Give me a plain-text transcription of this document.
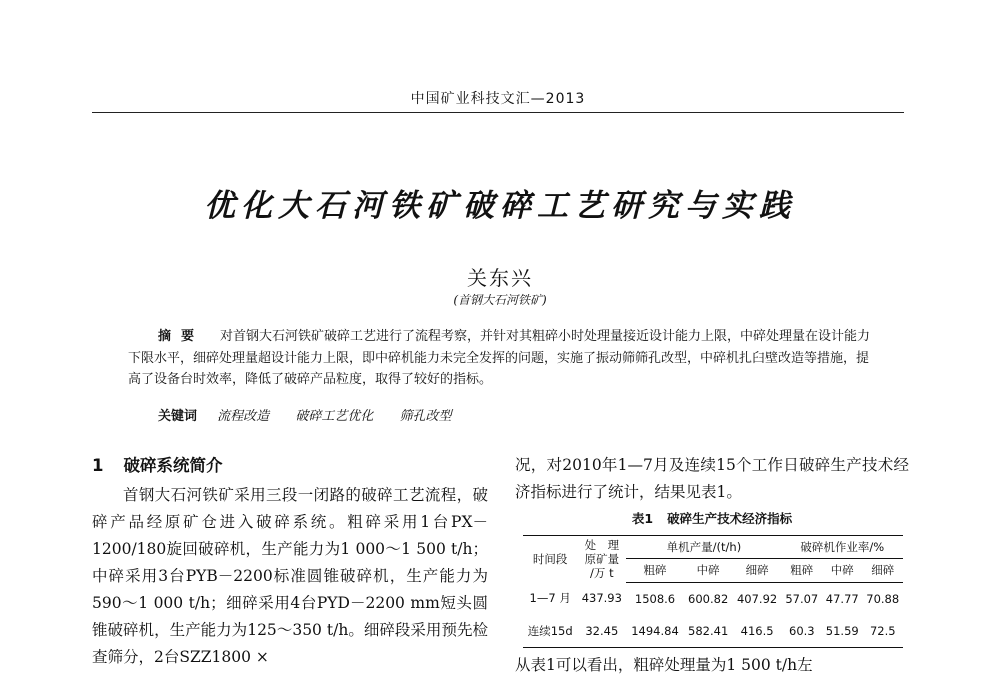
中国矿业科技文汇—2013
优化大石河铁矿破碎工艺研究与实践
关东兴
(首钢大石河铁矿)
摘要 对首钢大石河铁矿破碎工艺进行了流程考察，并针对其粗碎小时处理量接近设计能力上限，中碎处理量在设计能力下限水平，细碎处理量超设计能力上限，即中碎机能力未完全发挥的问题，实施了振动筛筛孔改型，中碎机扎臼壁改造等措施，提高了设备台时效率，降低了破碎产品粒度，取得了较好的指标。
关键词 流程改造 破碎工艺优化 筛孔改型
1 破碎系统简介

首钢大石河铁矿采用三段一闭路的破碎工艺流程，破碎产品经原矿仓进入破碎系统。粗碎采用1台PX－1200/180旋回破碎机，生产能力为1 000～1 500 t/h；中碎采用3台PYB－2200标准圆锥破碎机，生产能力为590～1 000 t/h；细碎采用4台PYD－2200 mm短头圆锥破碎机，生产能力为125～350 t/h。细碎段采用预先检查筛分，2台SZZ1800 ×

况，对2010年1—7月及连续15个工作日破碎生产技术经济指标进行了统计，结果见表1。

表1 破碎生产技术经济指标
时间段	处　理
原矿量
/万 t	单机产量/(t/h)			破碎机作业率/%		
		粗碎	中碎	细碎	粗碎	中碎	细碎
1—7 月	437.93	1508.6	600.82	407.92	57.07	47.77	70.88
连续15d	32.45	1494.84	582.41	416.5	60.3	51.59	72.5

从表1可以看出，粗碎处理量为1 500 t/h左
